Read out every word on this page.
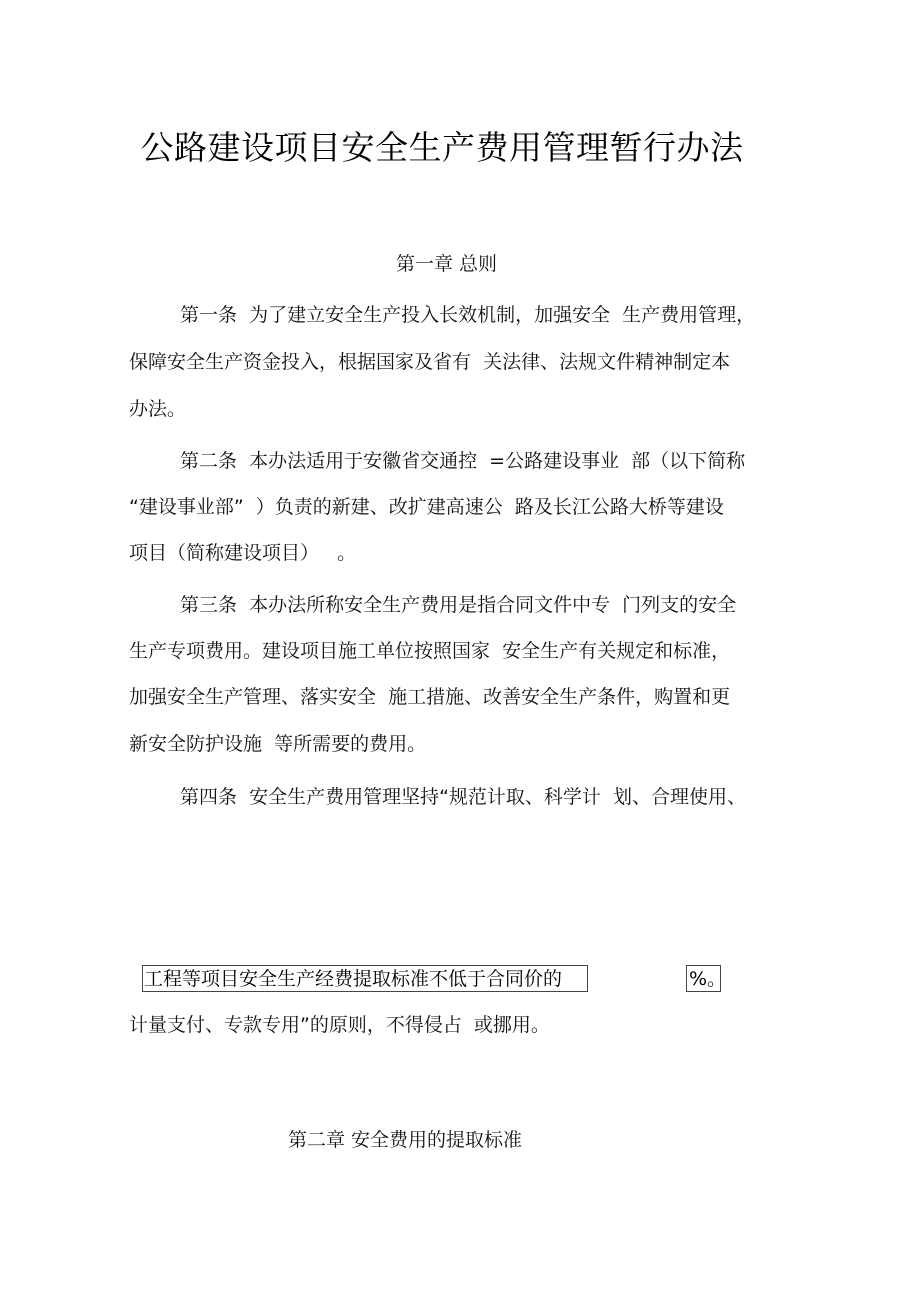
公路建设项目安全生产费用管理暂行办法
第一章 总则
第一条  为了建立安全生产投入长效机制，加强安全  生产费用管理，
保障安全生产资金投入，根据国家及省有  关法律、法规文件精神制定本
办法。
第二条  本办法适用于安徽省交通控  =公路建设事业  部（以下简称
“建设事业部”  ）负责的新建、改扩建高速公  路及长江公路大桥等建设
项目（简称建设项目）   。
第三条  本办法所称安全生产费用是指合同文件中专  门列支的安全
生产专项费用。建设项目施工单位按照国家  安全生产有关规定和标准，
加强安全生产管理、落实安全  施工措施、改善安全生产条件，购置和更
新安全防护设施  等所需要的费用。
第四条  安全生产费用管理坚持“规范计取、科学计  划、合理使用、
工程等项目安全生产经费提取标准不低于合同价的	%。
计量支付、专款专用”的原则，不得侵占  或挪用。
第二章 安全费用的提取标准
